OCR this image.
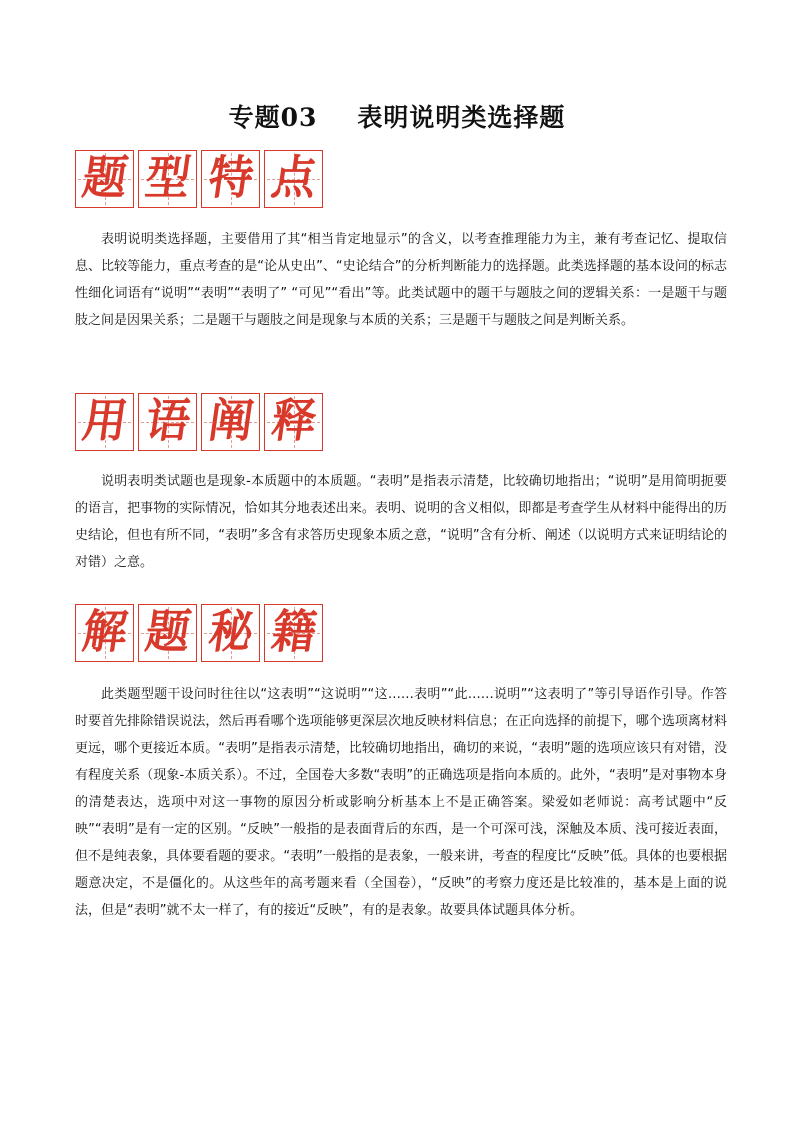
专题03 表明说明类选择题
题 型 特 点

表明说明类选择题，主要借用了其“相当肯定地显示”的含义，以考查推理能力为主，兼有考查记忆、提取信息、比较等能力，重点考查的是“论从史出”、“史论结合”的分析判断能力的选择题。此类选择题的基本设问的标志性细化词语有“说明”“表明”“表明了” “可见”“看出”等。此类试题中的题干与题肢之间的逻辑关系：一是题干与题肢之间是因果关系；二是题干与题肢之间是现象与本质的关系；三是题干与题肢之间是判断关系。

用 语 阐 释

说明表明类试题也是现象-本质题中的本质题。“表明”是指表示清楚，比较确切地指出；“说明”是用简明扼要的语言，把事物的实际情况，恰如其分地表述出来。表明、说明的含义相似，即都是考查学生从材料中能得出的历史结论，但也有所不同，“表明”多含有求答历史现象本质之意，“说明”含有分析、阐述（以说明方式来证明结论的对错）之意。

解 题 秘 籍

此类题型题干设问时往往以“这表明”“这说明”“这……表明”“此……说明”“这表明了”等引导语作引导。作答时要首先排除错误说法，然后再看哪个选项能够更深层次地反映材料信息；在正向选择的前提下，哪个选项离材料更远，哪个更接近本质。“表明”是指表示清楚，比较确切地指出，确切的来说，“表明”题的选项应该只有对错，没有程度关系（现象-本质关系）。不过，全国卷大多数“表明”的正确选项是指向本质的。此外，“表明”是对事物本身的清楚表达，选项中对这一事物的原因分析或影响分析基本上不是正确答案。梁爱如老师说：高考试题中“反映”“表明”是有一定的区别。“反映”一般指的是表面背后的东西，是一个可深可浅，深触及本质、浅可接近表面，但不是纯表象，具体要看题的要求。“表明”一般指的是表象，一般来讲，考查的程度比“反映”低。具体的也要根据题意决定，不是僵化的。从这些年的高考题来看（全国卷），“反映”的考察力度还是比较准的，基本是上面的说法，但是“表明”就不太一样了，有的接近“反映”，有的是表象。故要具体试题具体分析。
